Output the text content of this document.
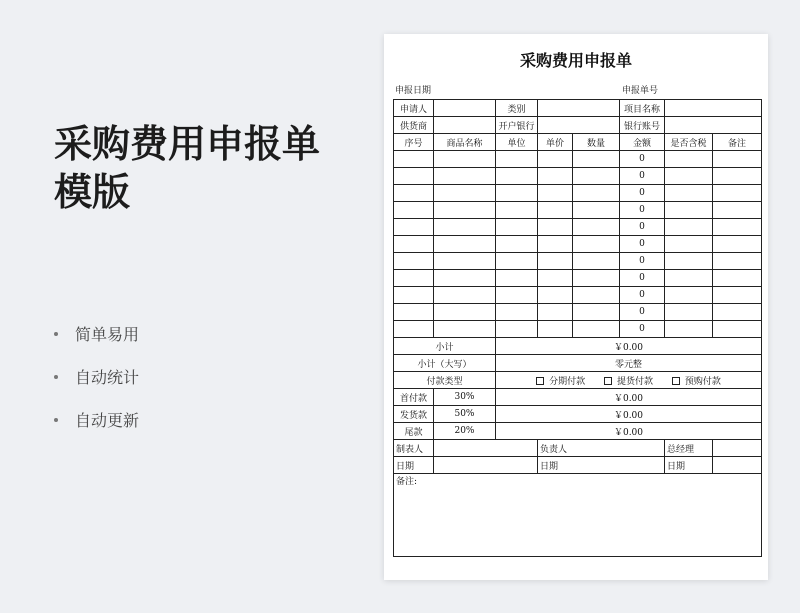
采购费用申报单
模版
简单易用
自动统计
自动更新
采购费用申报单
申报日期	申报单号
申请人		类别			项目名称		
供货商		开户银行			银行账号		
序号	商品名称	单位	单价	数量	金额	是否含税	备注
					0		
					0		
					0		
					0		
					0		
					0		
					0		
					0		
					0		
					0		
					0		
小计		￥0.00					
小计（大写）		零元整					
付款类型		分期付款 提货付款 预购付款					
首付款	30%	￥0.00					
发货款	50%	￥0.00					
尾款	20%	￥0.00					
制表人			负责人			总经理	
日期			日期			日期	
备注:							
